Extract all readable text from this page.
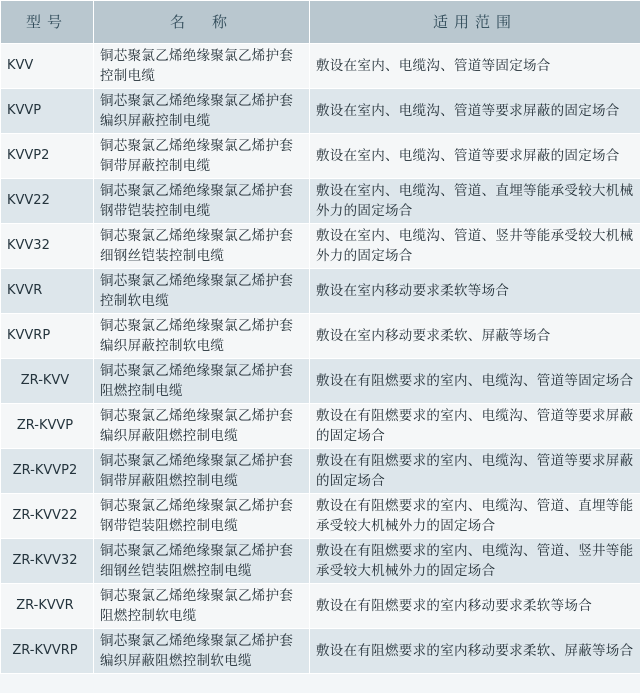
型号	名　称	适用范围
KVV	铜芯聚氯乙烯绝缘聚氯乙烯护套控制电缆	敷设在室内、电缆沟、管道等固定场合
KVVP	铜芯聚氯乙烯绝缘聚氯乙烯护套编织屏蔽控制电缆	敷设在室内、电缆沟、管道等要求屏蔽的固定场合
KVVP2	铜芯聚氯乙烯绝缘聚氯乙烯护套铜带屏蔽控制电缆	敷设在室内、电缆沟、管道等要求屏蔽的固定场合
KVV22	铜芯聚氯乙烯绝缘聚氯乙烯护套钢带铠装控制电缆	敷设在室内、电缆沟、管道、直埋等能承受较大机械外力的固定场合
KVV32	铜芯聚氯乙烯绝缘聚氯乙烯护套细钢丝铠装控制电缆	敷设在室内、电缆沟、管道、竖井等能承受较大机械外力的固定场合
KVVR	铜芯聚氯乙烯绝缘聚氯乙烯护套控制软电缆	敷设在室内移动要求柔软等场合
KVVRP	铜芯聚氯乙烯绝缘聚氯乙烯护套编织屏蔽控制软电缆	敷设在室内移动要求柔软、屏蔽等场合
ZR-KVV	铜芯聚氯乙烯绝缘聚氯乙烯护套阻燃控制电缆	敷设在有阻燃要求的室内、电缆沟、管道等固定场合
ZR-KVVP	铜芯聚氯乙烯绝缘聚氯乙烯护套编织屏蔽阻燃控制电缆	敷设在有阻燃要求的室内、电缆沟、管道等要求屏蔽的固定场合
ZR-KVVP2	铜芯聚氯乙烯绝缘聚氯乙烯护套铜带屏蔽阻燃控制电缆	敷设在有阻燃要求的室内、电缆沟、管道等要求屏蔽的固定场合
ZR-KVV22	铜芯聚氯乙烯绝缘聚氯乙烯护套钢带铠装阻燃控制电缆	敷设在有阻燃要求的室内、电缆沟、管道、直埋等能承受较大机械外力的固定场合
ZR-KVV32	铜芯聚氯乙烯绝缘聚氯乙烯护套细钢丝铠装阻燃控制电缆	敷设在有阻燃要求的室内、电缆沟、管道、竖井等能承受较大机械外力的固定场合
ZR-KVVR	铜芯聚氯乙烯绝缘聚氯乙烯护套阻燃控制软电缆	敷设在有阻燃要求的室内移动要求柔软等场合
ZR-KVVRP	铜芯聚氯乙烯绝缘聚氯乙烯护套编织屏蔽阻燃控制软电缆	敷设在有阻燃要求的室内移动要求柔软、屏蔽等场合
